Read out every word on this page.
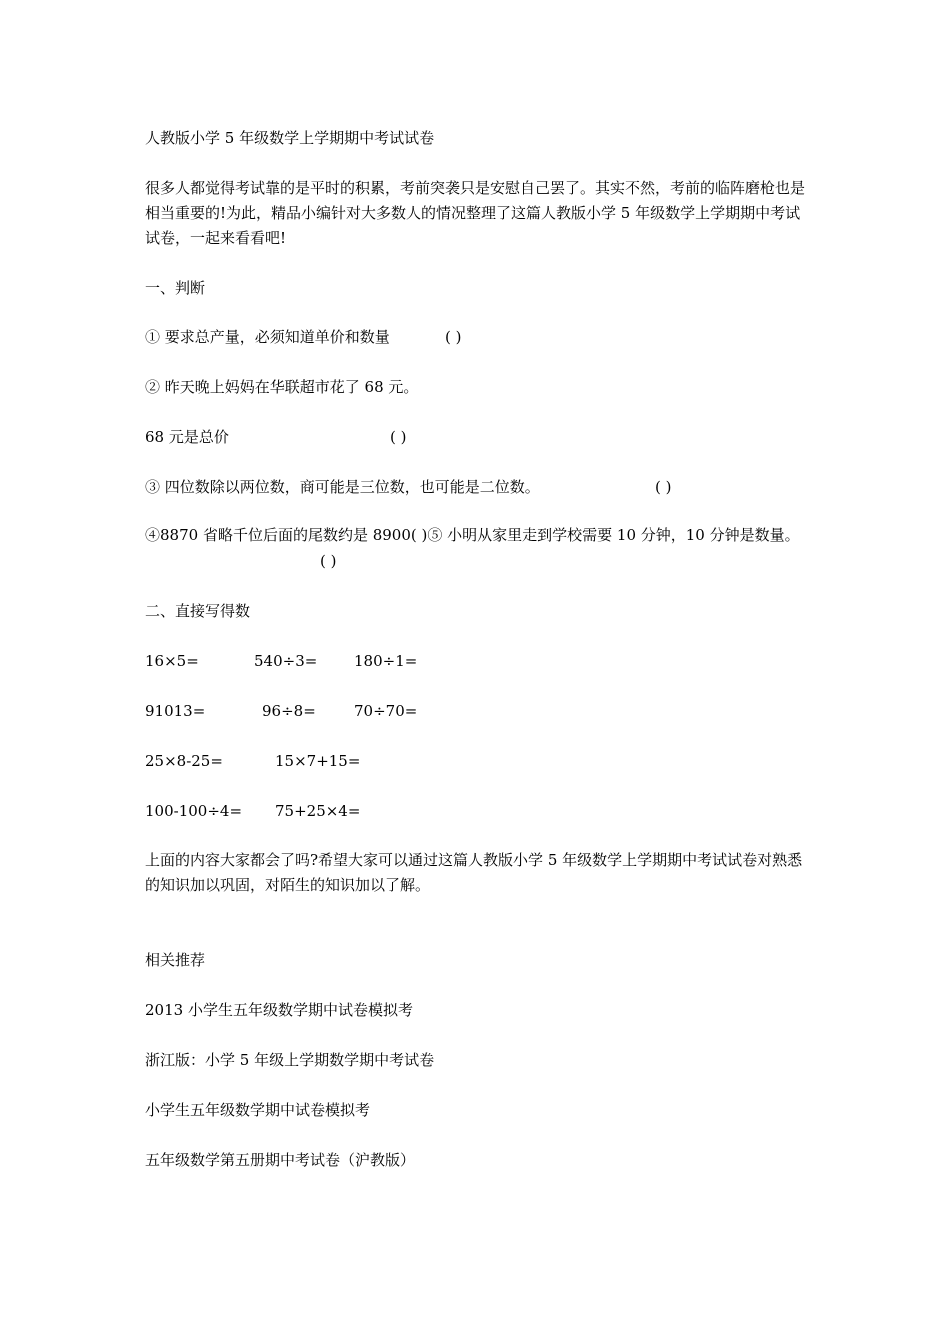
人教版小学 5 年级数学上学期期中考试试卷

很多人都觉得考试靠的是平时的积累，考前突袭只是安慰自己罢了。其实不然，考前的临阵磨枪也是相当重要的!为此，精品小编针对大多数人的情况整理了这篇人教版小学 5 年级数学上学期期中考试试卷，一起来看看吧!

一、判断

① 要求总产量，必须知道单价和数量	( )

② 昨天晚上妈妈在华联超市花了 68 元。

68 元是总价	( )

③ 四位数除以两位数，商可能是三位数，也可能是二位数。	( )

④8870 省略千位后面的尾数约是 8900( )⑤ 小明从家里走到学校需要 10 分钟，10 分钟是数量。

( )

二、直接写得数

16×5=	540÷3= 180÷1=
91013=	96÷8=	70÷70=
25×8-25=	15×7+15=
100-100÷4= 75+25×4=

上面的内容大家都会了吗?希望大家可以通过这篇人教版小学 5 年级数学上学期期中考试试卷对熟悉的知识加以巩固，对陌生的知识加以了解。

相关推荐

2013 小学生五年级数学期中试卷模拟考

浙江版：小学 5 年级上学期数学期中考试卷

小学生五年级数学期中试卷模拟考

五年级数学第五册期中考试卷（沪教版）
